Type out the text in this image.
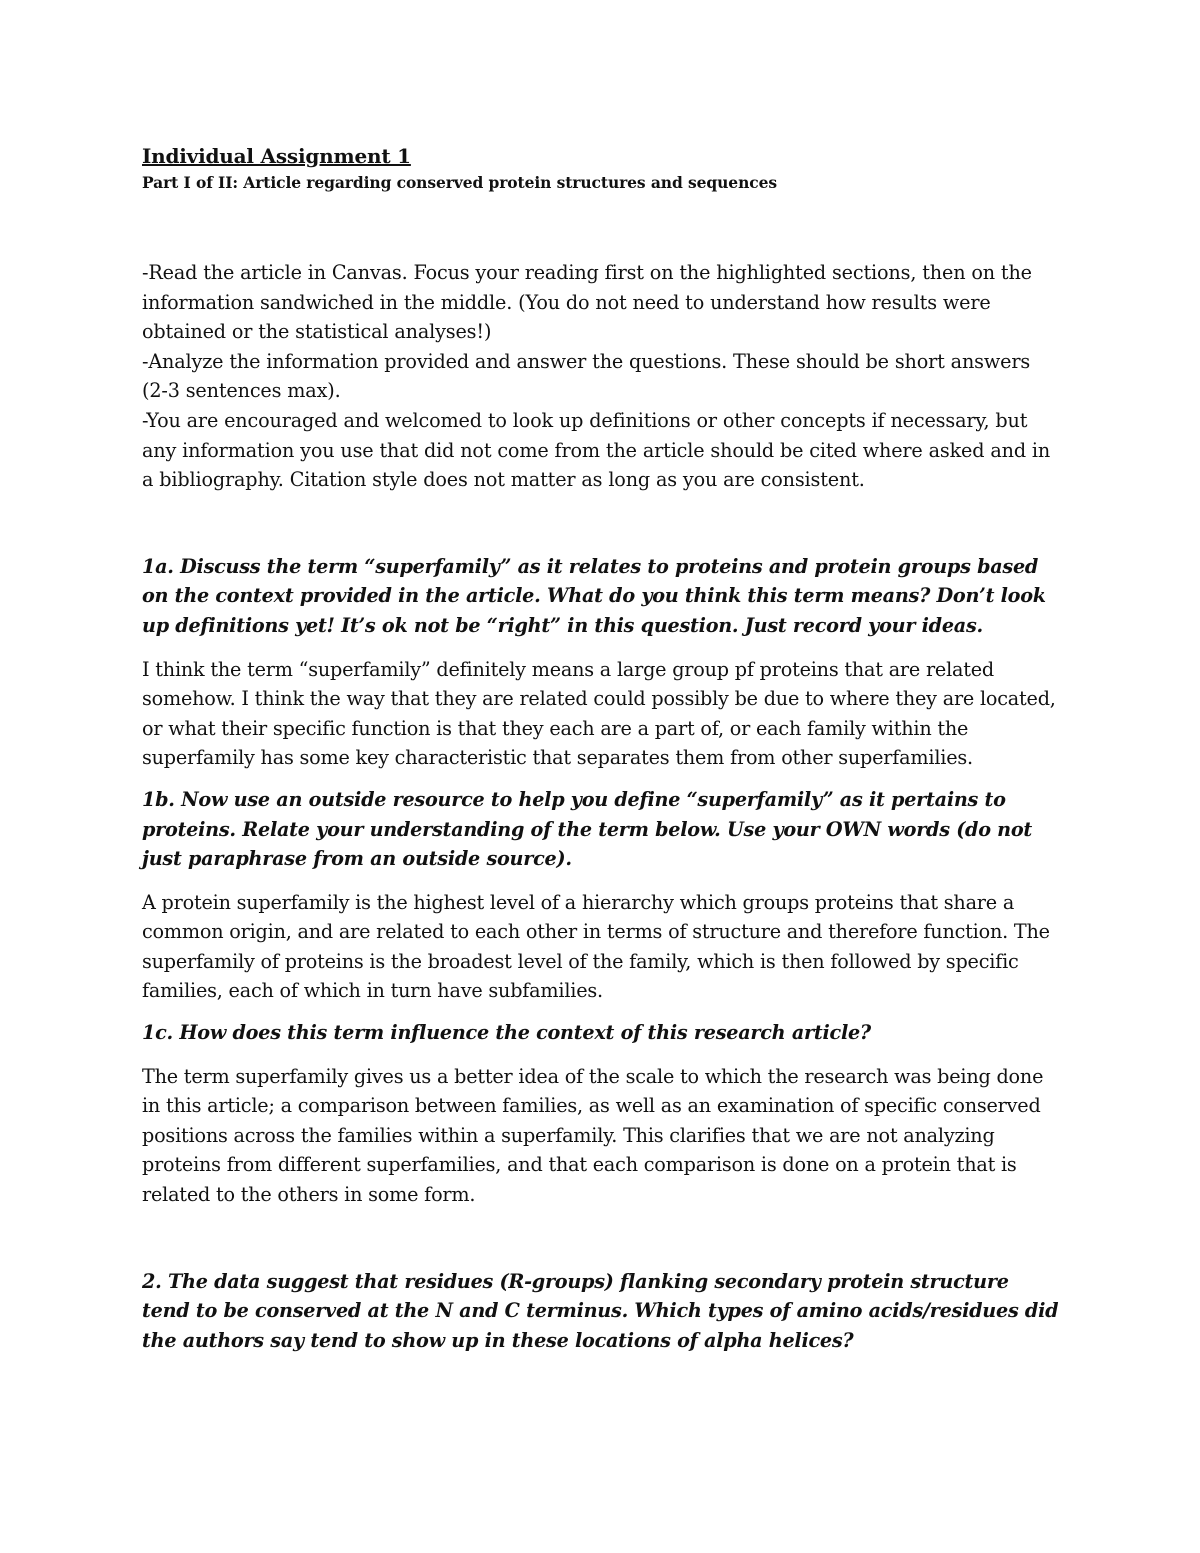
Individual Assignment 1

Part I of II: Article regarding conserved protein structures and sequences

-Read the article in Canvas. Focus your reading first on the highlighted sections, then on the information sandwiched in the middle. (You do not need to understand how results were obtained or the statistical analyses!)

-Analyze the information provided and answer the questions. These should be short answers (2-3 sentences max).

-You are encouraged and welcomed to look up definitions or other concepts if necessary, but any information you use that did not come from the article should be cited where asked and in a bibliography. Citation style does not matter as long as you are consistent.

1a. Discuss the term “superfamily” as it relates to proteins and protein groups based on the context provided in the article. What do you think this term means? Don’t look up definitions yet! It’s ok not be “right” in this question. Just record your ideas.

I think the term “superfamily” definitely means a large group pf proteins that are related somehow. I think the way that they are related could possibly be due to where they are located, or what their specific function is that they each are a part of, or each family within the superfamily has some key characteristic that separates them from other superfamilies.

1b. Now use an outside resource to help you define “superfamily” as it pertains to proteins. Relate your understanding of the term below. Use your OWN words (do not just paraphrase from an outside source).

A protein superfamily is the highest level of a hierarchy which groups proteins that share a common origin, and are related to each other in terms of structure and therefore function. The superfamily of proteins is the broadest level of the family, which is then followed by specific families, each of which in turn have subfamilies.

1c. How does this term influence the context of this research article?

The term superfamily gives us a better idea of the scale to which the research was being done in this article; a comparison between families, as well as an examination of specific conserved positions across the families within a superfamily. This clarifies that we are not analyzing proteins from different superfamilies, and that each comparison is done on a protein that is related to the others in some form.

2. The data suggest that residues (R-groups) flanking secondary protein structure tend to be conserved at the N and C terminus. Which types of amino acids/residues did the authors say tend to show up in these locations of alpha helices?
